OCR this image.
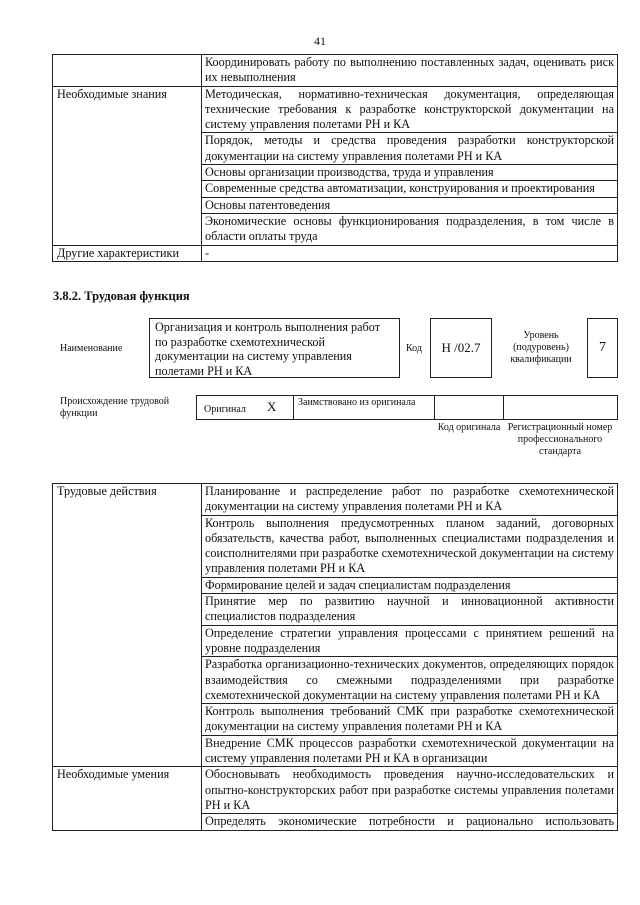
41
	Координировать работу по выполнению поставленных задач, оценивать риск их невыполнения
Необходимые знания	Методическая, нормативно-техническая документация, определяющая технические требования к разработке конструкторской документации на систему управления полетами РН и КА
	Порядок, методы и средства проведения разработки конструкторской документации на систему управления полетами РН и КА
	Основы организации производства, труда и управления
	Современные средства автоматизации, конструирования и проектирования
	Основы патентоведения
	Экономические основы функционирования подразделения, в том числе в области оплаты труда
Другие характеристики	-
3.8.2. Трудовая функция
Наименование
Организация и контроль выполнения работ по разработке схемотехнической документации на систему управления полетами РН и КА
Код	H /02.7
Уровень (подуровень) квалификации
7
Происхождение трудовой функции	Оригинал X	Заимствовано из оригинала
Код оригинала Регистрационный номер профессионального стандарта
Трудовые действия	Планирование и распределение работ по разработке схемотехнической документации на систему управления полетами РН и КА
	Контроль выполнения предусмотренных планом заданий, договорных обязательств, качества работ, выполненных специалистами подразделения и соисполнителями при разработке схемотехнической документации на систему управления полетами РН и КА
	Формирование целей и задач специалистам подразделения
	Принятие мер по развитию научной и инновационной активности специалистов подразделения
	Определение стратегии управления процессами с принятием решений на уровне подразделения
	Разработка организационно-технических документов, определяющих порядок взаимодействия со смежными подразделениями при разработке схемотехнической документации на систему управления полетами РН и КА
	Контроль выполнения требований СМК при разработке схемотехнической документации на систему управления полетами РН и КА
	Внедрение СМК процессов разработки схемотехнической документации на систему управления полетами РН и КА в организации
Необходимые умения	Обосновывать необходимость проведения научно-исследовательских и опытно-конструкторских работ при разработке системы управления полетами РН и КА
	Определять экономические потребности и рационально использовать
